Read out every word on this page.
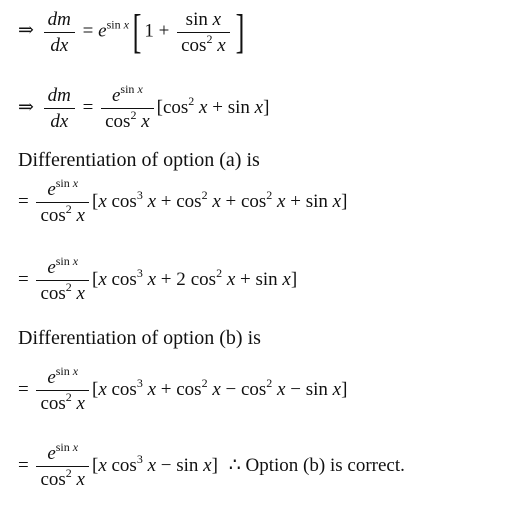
⇒ $\frac{dm}{dx} = e^{sin x}$ [ $1 + \frac{\text{sin x}}{\cos^2 x}$ ]
⇒ $\frac{dm}{dx} = \frac{e^{sin x}}{\cos^2 x} [\cos^2$ x + sin x]
Differentiation of option (a) is
= $\frac{e^{sin x}}{\cos^2 x} [x$ $\cos^3 x + \cos^2 x + \cos^2 x + \sin x$]
= $\frac{e^{sin x}}{\cos^2 x} [x$ $\cos^3 x + 2$ $\cos^2 x + \sin x$]
Differentiation of option (b) is
= $\frac{e^{sin x}}{\cos^2 x} [x$ $\cos^3 x + \cos^2 x - \cos^2 x - \sin x$]
= $\frac{e^{sin x}}{\cos^2 x} [x$ $\cos^3 x - \sin x$] ∴ Option (b) is correct.
